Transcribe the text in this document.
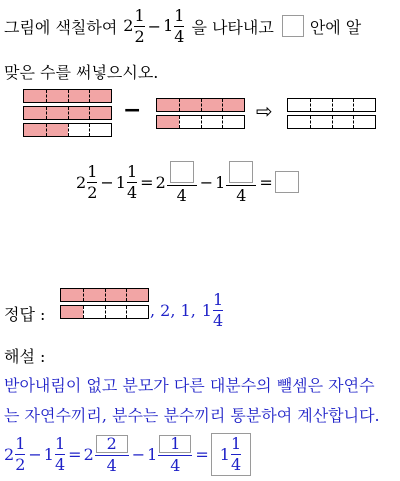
그림에 색칠하여 $2 \frac{1}{2} - 1 \frac{1}{4}$ 을 나타내고 안에 알
맞은 수를 써넣으시오.
−	⇨
$2 \frac{1}{2} - 1 \frac{1}{4} = 2$
4
− 1
4
=
정답 :	, 2, 1, $1 \frac{1}{4}$
해설 :
받아내림이 없고 분모가 다른 대분수의 뺄셈은 자연수
는 자연수끼리, 분수는 분수끼리 통분하여 계산합니다.
$2 \frac{1}{2} - 1 \frac{1}{4} = 2 \frac{2}{4} - 1 \frac{1}{4} = 1 \frac{1}{4}$
